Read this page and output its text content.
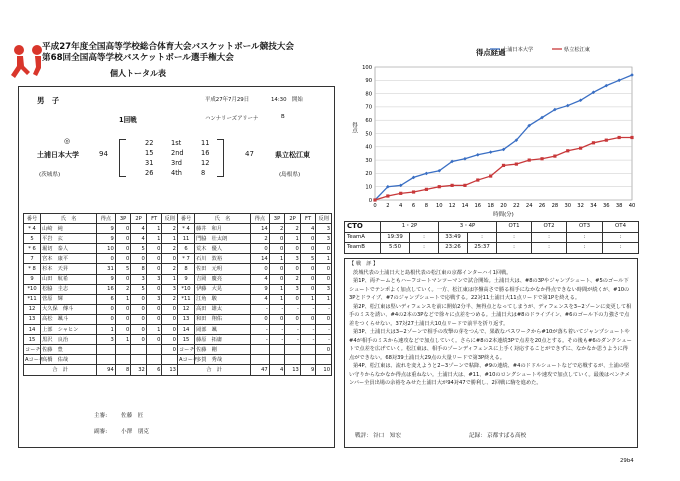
平成27年度全国高等学校総合体育大会バスケットボール競技大会
第68回全国高等学校バスケットボール選手権大会
個人トータル表
男　子	平成27年7月29日	14:30　開始
1回戦	ハンナリーズアリーナ	B
◎
土浦日本大学	94
(茨城県)
47	県立松江東
(島根県)
22	1st	11
15	2nd	16
31	3rd	12
26	4th	8
番号	氏　名	得点	3P	2P	FT	反則	番号	氏　名	得点	3P	2P	FT	反則
* 4	山崎　純	9	0	4	1	2	* 4	藤井　和月	14	2	2	4	3
5	平岩　玄	9	0	4	1	1	11	門脇　壮太朗	2	0	1	0	3
* 6	堀切　泰人	10	0	5	0	2	6	荒木　優人	0	0	0	0	0
7	宮本　康平	0	0	0	0	0	* 7	石川　敦裕	14	1	3	5	1
* 8	杉本　天昇	31	5	8	0	2	8	佐田　元明	0	0	0	0	0
9	山田　航希	9	0	3	3	1	9	吉岡　慶亮	4	0	2	0	0
*10	松脇　圭志	16	2	5	0	3	*10	伊藤　大晃	9	1	3	0	3
*11	菅原　輝	6	1	0	3	2	*11	江角　駿	4	1	0	1	1
12	大久保　傳斗	0	0	0	0	0	12	高田　雄太	-	-	-	-	-
13	高松　颯斗	0	0	0	0	0	13	和田　翔佑	0	0	0	0	0
14	上部　シャヒン	1	0	0	1	0	14	岡部　颯	-	-	-	-	-
15	黒沢　良治	3	1	0	0	0	15	藤原　拓庸	-	-	-	-	-
コーチ	佐藤　豊					0	コーチ	佐藤　剛					0
Aコーチ	高橋　佑哉						Aコーチ	多賀　秀哉					
合　計		94	8	32	6	13	合　計		47	4	13	9	10
主審: 佐藤　匠
副審: 小澤　朋克
得点経過
0
10
20
30
40
50
60
70
80
90
100
0 2 4 6 8 10 12 14 16 18 20 22 24 26 28 30 32 34 36 38 40
時間(分)
得点
土浦日本大学	県立松江東
CTO	1・2P		3・4P		OT1	OT2	OT3	OT4
TeamA	19:39	:	33:49	:	:	:	:	:
TeamB	5:50	:	23:26	25:37	:	:	:	:
【 戦　評 】
茨城代表の土浦日大と島根代表の松江東の京都インターハイ1回戦。
第1P、両チームともハーフコートマンツーマンで試合開始。土浦日大は、#8の3Pやジャンプシュート、#5のゴール下シュートでテンポよく加点していく。一方、松江東は序盤高さで勝る相手になかなか得点できない時間が続くが、#10の3Pとドライブ、#7のジャンプシュートで応戦する。22対11土浦日大11点リードで第1Pを終える。
第2P、松江東は堅いディフェンスを前に開始2分半、無得点となってしまうが、ディフェンスを3−2ゾーンに変更して相手のミスを誘い、#4の2本の3Pなどで徐々に点差をつめる。土浦日大は#8のドライブイン、#6のゴール下の力強さで点差をつくらせない。37対27土浦日大10点リードで前半を折り返す。
第3P、土浦日大は3−2ゾーンで相手の攻撃の芽をつんで、果敢なパスワークから#10が落ち着いてジャンプシュートや#4が相手のミスから速攻などで加点していく。さらに#8の2本連続3Pで点差を20点とする。その後も#6のダンクシュートで点差を広げていく。松江東は、相手のゾーンディフェンスに上手く対応することができずに、なかなか思うように得点ができない。68対39土浦日大29点の大量リードで第3P終える。
第4P、松江東は、流れを変えようと2−3ゾーンで粘降、#9の連続、#4のドドルシュートなどで応戦するが、土浦の堅い守りからなかなか得点は重ねない。土浦日大は、#11、#10のロングシュートや速攻で加点していく。最後はベンチメンバー全員出場の余裕をみせた土浦日大が94対47で勝利し、2回戦に駒を進めた。
戦評： 谷口　知宏	記録： 京都すばる高校
29b4
